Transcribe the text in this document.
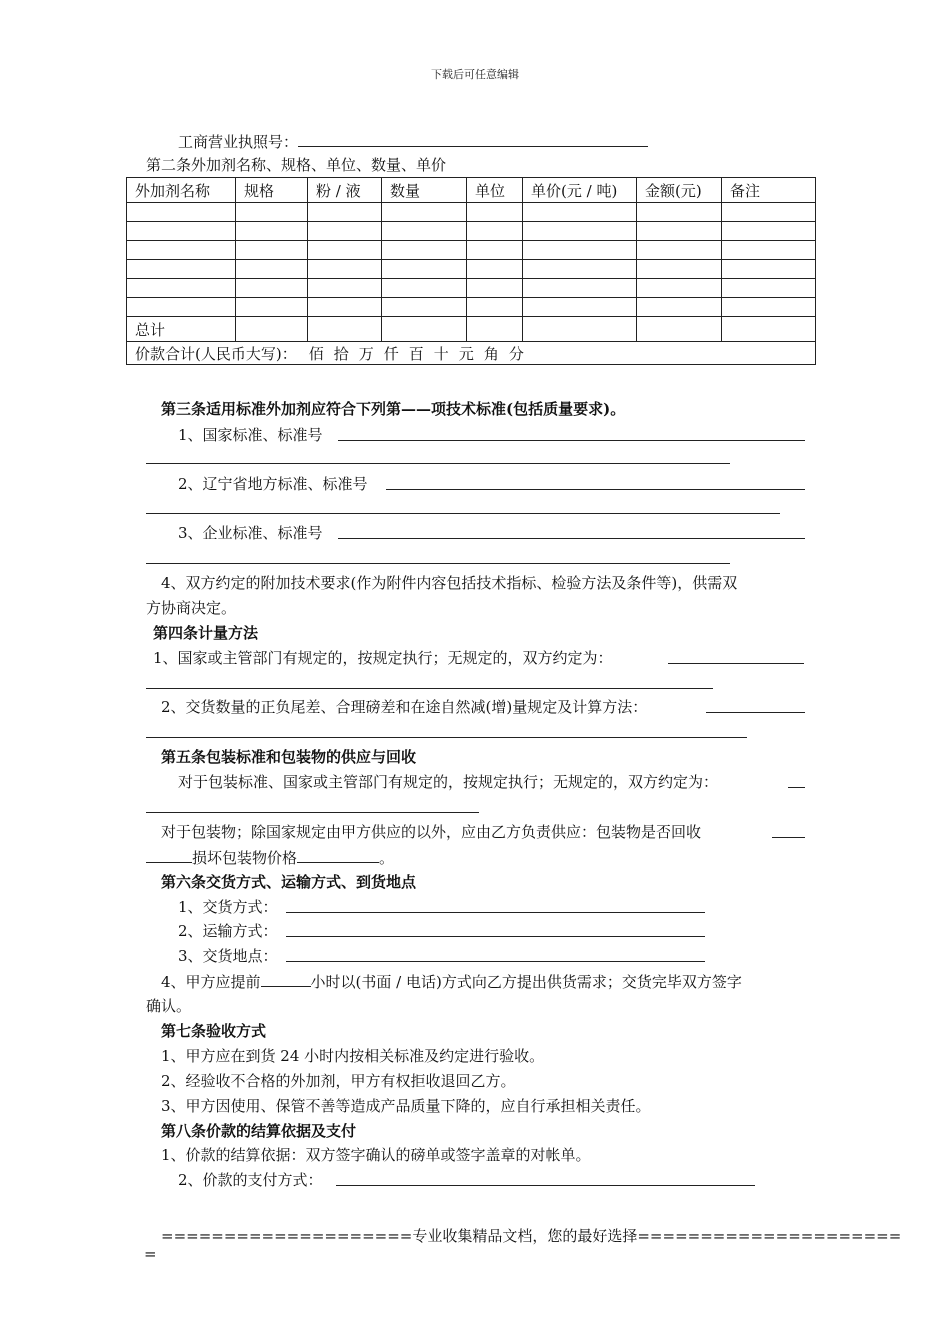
下载后可任意编辑
工商营业执照号：
第二条外加剂名称、规格、单位、数量、单价
外加剂名称	规格	粉 / 液	数量	单位	单价(元 / 吨)	金额(元)	备注

总计							
价款合计(人民币大写)： 佰 拾 万 仟 百 十 元 角 分							
第三条适用标准外加剂应符合下列第——项技术标准(包括质量要求)。
1、国家标准、标准号
2、辽宁省地方标准、标准号
3、企业标准、标准号
4、双方约定的附加技术要求(作为附件内容包括技术指标、检验方法及条件等)，供需双
方协商决定。
第四条计量方法
1、国家或主管部门有规定的，按规定执行；无规定的，双方约定为：
2、交货数量的正负尾差、合理磅差和在途自然减(增)量规定及计算方法：
第五条包装标准和包装物的供应与回收
对于包装标准、国家或主管部门有规定的，按规定执行；无规定的，双方约定为：
对于包装物；除国家规定由甲方供应的以外，应由乙方负责供应：包装物是否回收
损坏包装物价格	。
第六条交货方式、运输方式、到货地点
1、交货方式：
2、运输方式：
3、交货地点：
4、甲方应提前	小时以(书面 / 电话)方式向乙方提出供货需求；交货完毕双方签字
确认。
第七条验收方式
1、甲方应在到货 24 小时内按相关标准及约定进行验收。
2、经验收不合格的外加剂，甲方有权拒收退回乙方。
3、甲方因使用、保管不善等造成产品质量下降的，应自行承担相关责任。
第八条价款的结算依据及支付
1、价款的结算依据：双方签字确认的磅单或签字盖章的对帐单。
2、价款的支付方式：
====================专业收集精品文档，您的最好选择=====================
=
